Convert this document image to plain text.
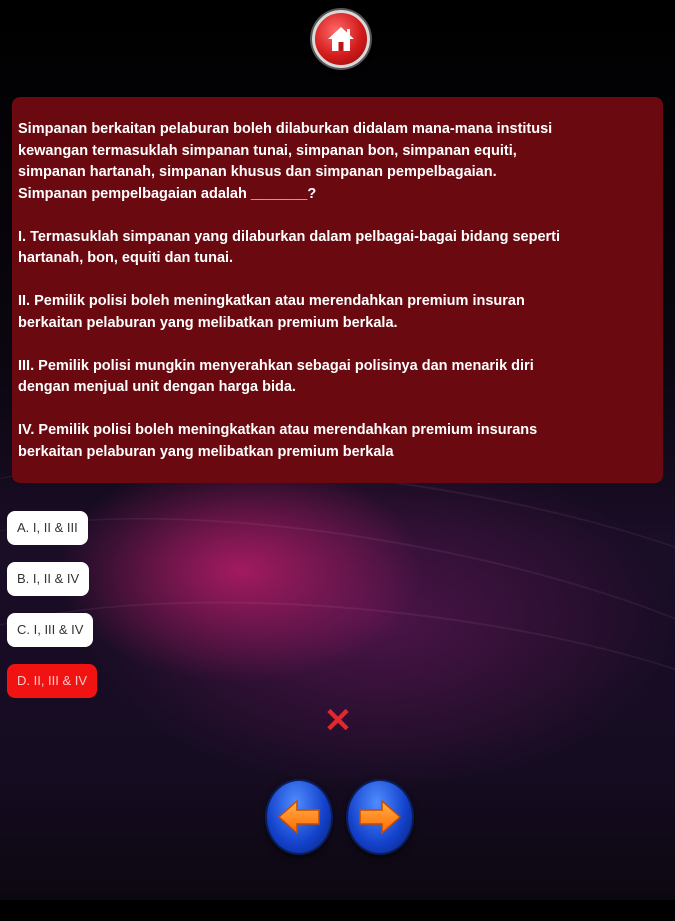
Simpanan berkaitan pelaburan boleh dilaburkan didalam mana-mana institusi
kewangan termasuklah simpanan tunai, simpanan bon, simpanan equiti,
simpanan hartanah, simpanan khusus dan simpanan pempelbagaian.
Simpanan pempelbagaian adalah _______?
I. Termasuklah simpanan yang dilaburkan dalam pelbagai-bagai bidang seperti
hartanah, bon, equiti dan tunai.
II. Pemilik polisi boleh meningkatkan atau merendahkan premium insuran
berkaitan pelaburan yang melibatkan premium berkala.
III. Pemilik polisi mungkin menyerahkan sebagai polisinya dan menarik diri
dengan menjual unit dengan harga bida.
IV. Pemilik polisi boleh meningkatkan atau merendahkan premium insurans
berkaitan pelaburan yang melibatkan premium berkala
A. I, II & III
B. I, II & IV
C. I, III & IV
D. II, III & IV
✕
